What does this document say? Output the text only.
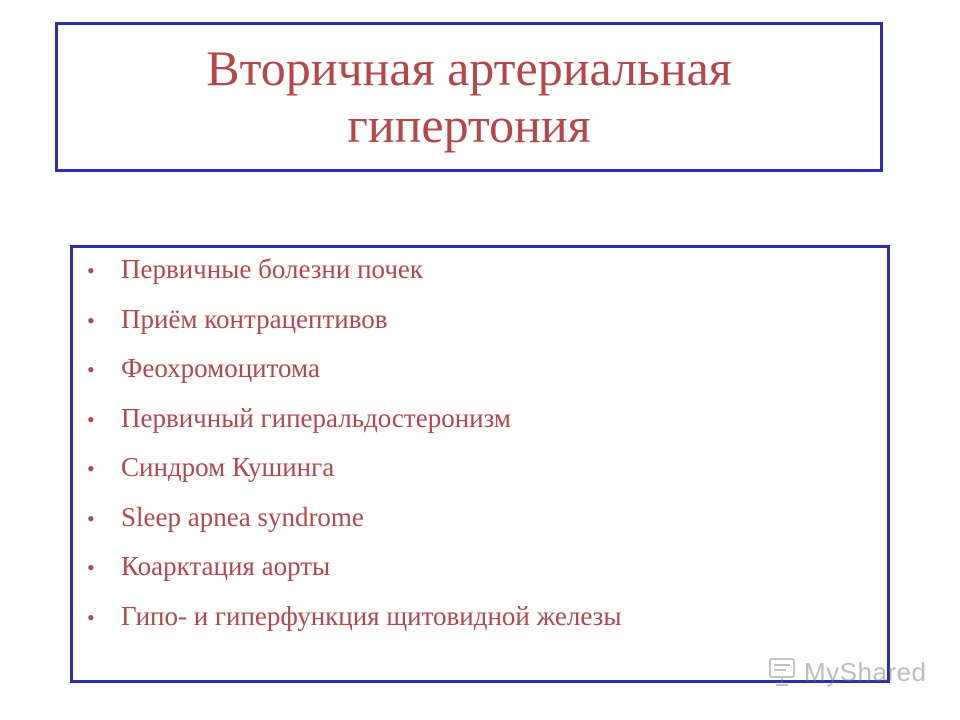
Вторичная артериальная гипертония
• Первичные болезни почек
• Приём контрацептивов
• Феохромоцитома
• Первичный гиперальдостеронизм
• Синдром Кушинга
• Sleep apnea syndrome
• Коарктация аорты
• Гипо- и гиперфункция щитовидной железы
MyShared
